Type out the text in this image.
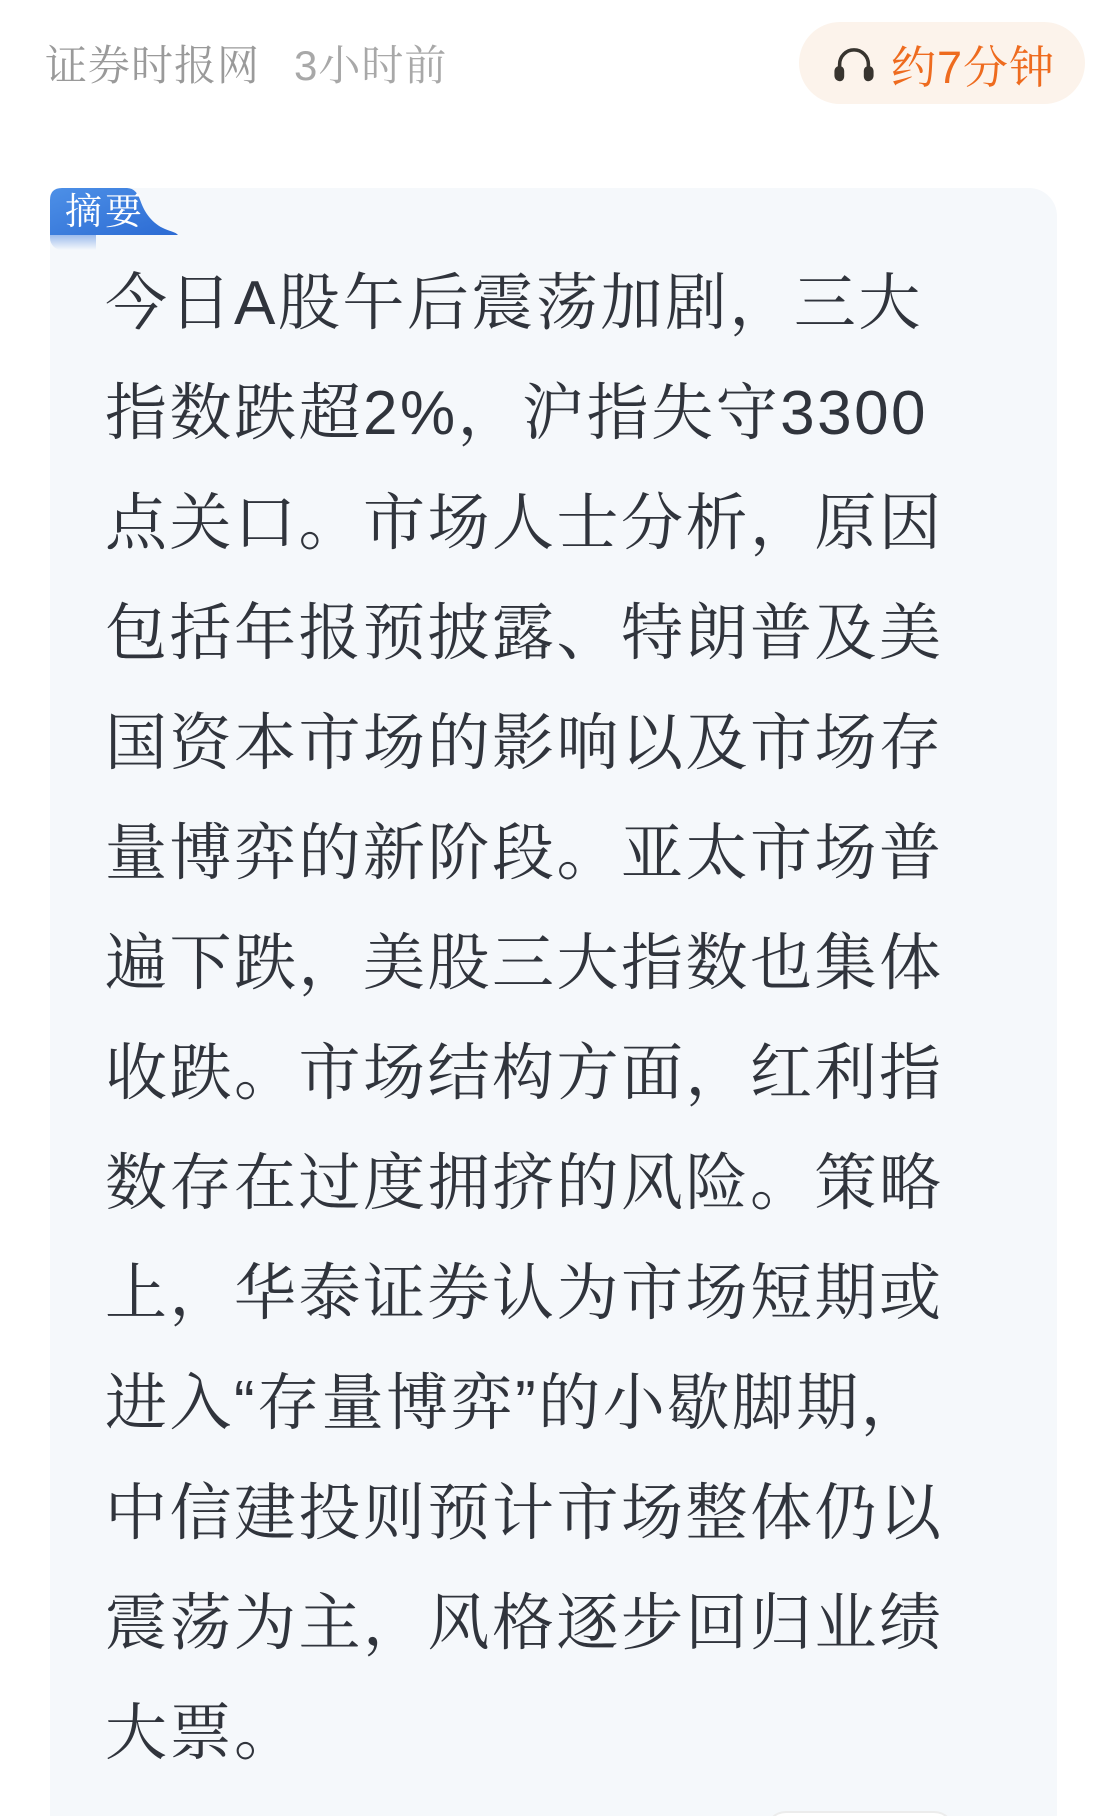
证券时报网 3小时前	约7分钟
摘要
今日A股午后震荡加剧，三大
指数跌超2%，沪指失守3300
点关口。市场人士分析，原因
包括年报预披露、特朗普及美
国资本市场的影响以及市场存
量博弈的新阶段。亚太市场普
遍下跌，美股三大指数也集体
收跌。市场结构方面，红利指
数存在过度拥挤的风险。策略
上，华泰证券认为市场短期或
进入“存量博弈”的小歇脚期，
中信建投则预计市场整体仍以
震荡为主，风格逐步回归业绩
大票。
